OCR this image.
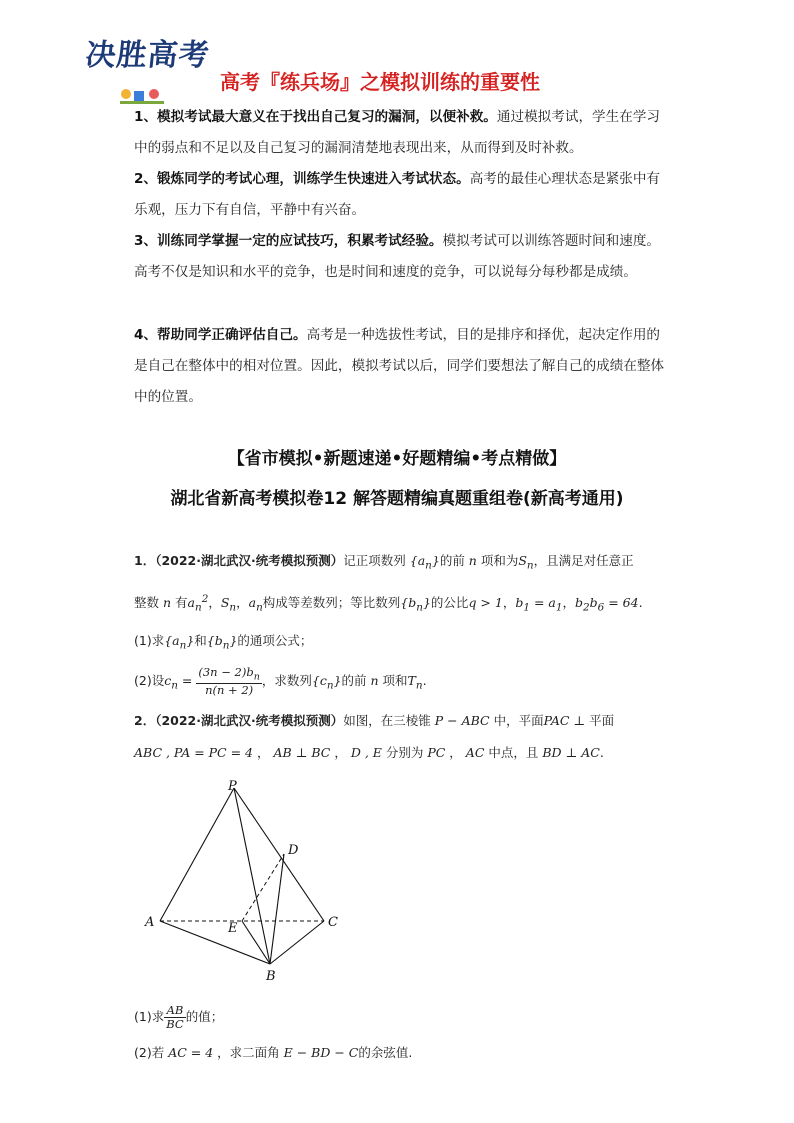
决胜高考
高考『练兵场』之模拟训练的重要性
1、模拟考试最大意义在于找出自己复习的漏洞，以便补救。通过模拟考试，学生在学习中的弱点和不足以及自己复习的漏洞清楚地表现出来，从而得到及时补救。
2、锻炼同学的考试心理，训练学生快速进入考试状态。高考的最佳心理状态是紧张中有乐观，压力下有自信，平静中有兴奋。
3、训练同学掌握一定的应试技巧，积累考试经验。模拟考试可以训练答题时间和速度。高考不仅是知识和水平的竞争，也是时间和速度的竞争，可以说每分每秒都是成绩。
4、帮助同学正确评估自己。高考是一种选拔性考试，目的是排序和择优，起决定作用的是自己在整体中的相对位置。因此，模拟考试以后，同学们要想法了解自己的成绩在整体中的位置。
【省市模拟•新题速递•好题精编•考点精做】
湖北省新高考模拟卷12 解答题精编真题重组卷(新高考通用)
1．（2022·湖北武汉·统考模拟预测）记正项数列 $\{a_n\}$的前 n 项和为$S_n$，且满足对任意正
整数 n 有$a_n^2$，$S_n$，$a_n$构成等差数列；等比数列$\{b_n\}$的公比q > 1，$b_1 = a_1$，$b_2b_6 = 64$.
(1)求$\{a_n\}$和$\{b_n\}$的通项公式；
(2)设$c_n = \frac{(3n - 2)b_n}{n(n + 2)}$ ，求数列$\{c_n\}$的前 n 项和$T_n$.
2．（2022·湖北武汉·统考模拟预测）如图，在三棱锥 P − ABC 中，平面PAC ⊥ 平面
ABC , PA = PC = 4 ， AB ⊥ BC ， D , E 分别为 PC ， AC 中点，且 BD ⊥ AC.
P
A
B
C
D
E
(1)求 $\frac{AB}{BC}$ 的值；
(2)若 AC = 4 ，求二面角 E − BD − C的余弦值.
